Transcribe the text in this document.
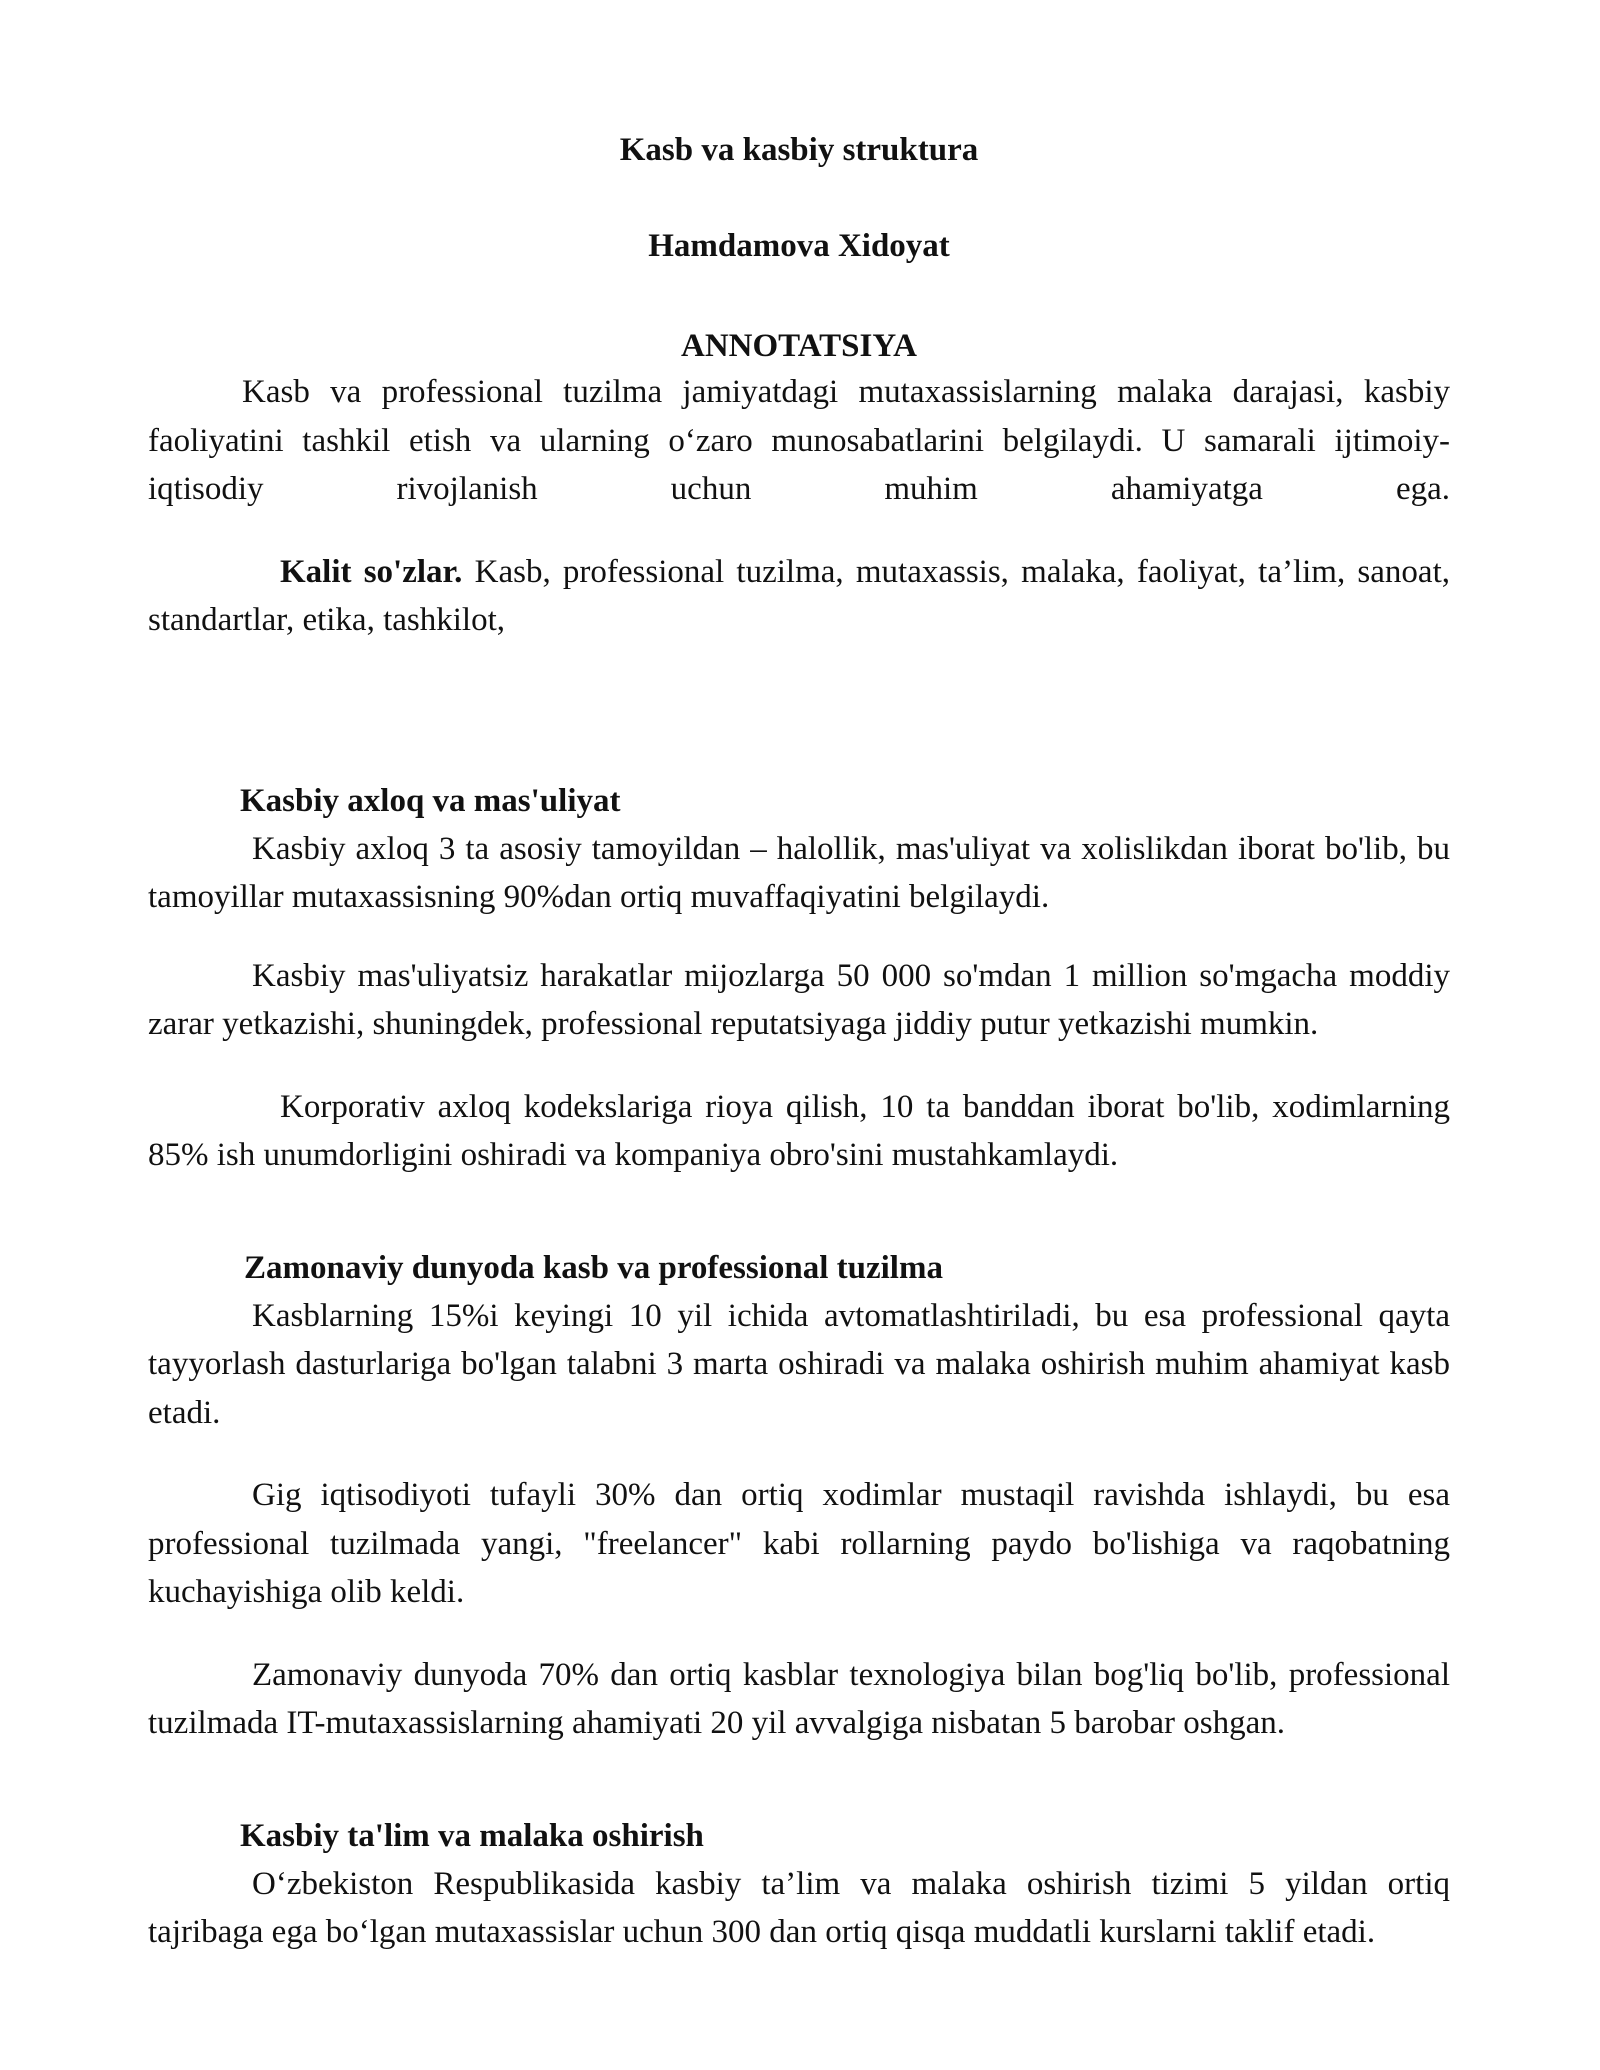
Kasb va kasbiy struktura
Hamdamova Xidoyat
ANNOTATSIYA

Kasb va professional tuzilma jamiyatdagi mutaxassislarning malaka darajasi, kasbiy faoliyatini tashkil etish va ularning o‘zaro munosabatlarini belgilaydi. U samarali ijtimoiy-iqtisodiy rivojlanish uchun muhim ahamiyatga ega.

Kalit so'zlar. Kasb, professional tuzilma, mutaxassis, malaka, faoliyat, ta’lim, sanoat, standartlar, etika, tashkilot,

Kasbiy axloq va mas'uliyat

Kasbiy axloq 3 ta asosiy tamoyildan – halollik, mas'uliyat va xolislikdan iborat bo'lib, bu tamoyillar mutaxassisning 90%dan ortiq muvaffaqiyatini belgilaydi.

Kasbiy mas'uliyatsiz harakatlar mijozlarga 50 000 so'mdan 1 million so'mgacha moddiy zarar yetkazishi, shuningdek, professional reputatsiyaga jiddiy putur yetkazishi mumkin.

Korporativ axloq kodekslariga rioya qilish, 10 ta banddan iborat bo'lib, xodimlarning 85% ish unumdorligini oshiradi va kompaniya obro'sini mustahkamlaydi.

Zamonaviy dunyoda kasb va professional tuzilma

Kasblarning 15%i keyingi 10 yil ichida avtomatlashtiriladi, bu esa professional qayta tayyorlash dasturlariga bo'lgan talabni 3 marta oshiradi va malaka oshirish muhim ahamiyat kasb etadi.

Gig iqtisodiyoti tufayli 30% dan ortiq xodimlar mustaqil ravishda ishlaydi, bu esa professional tuzilmada yangi, "freelancer" kabi rollarning paydo bo'lishiga va raqobatning kuchayishiga olib keldi.

Zamonaviy dunyoda 70% dan ortiq kasblar texnologiya bilan bog'liq bo'lib, professional tuzilmada IT-mutaxassislarning ahamiyati 20 yil avvalgiga nisbatan 5 barobar oshgan.

Kasbiy ta'lim va malaka oshirish

O‘zbekiston Respublikasida kasbiy ta’lim va malaka oshirish tizimi 5 yildan ortiq tajribaga ega bo‘lgan mutaxassislar uchun 300 dan ortiq qisqa muddatli kurslarni taklif etadi.
